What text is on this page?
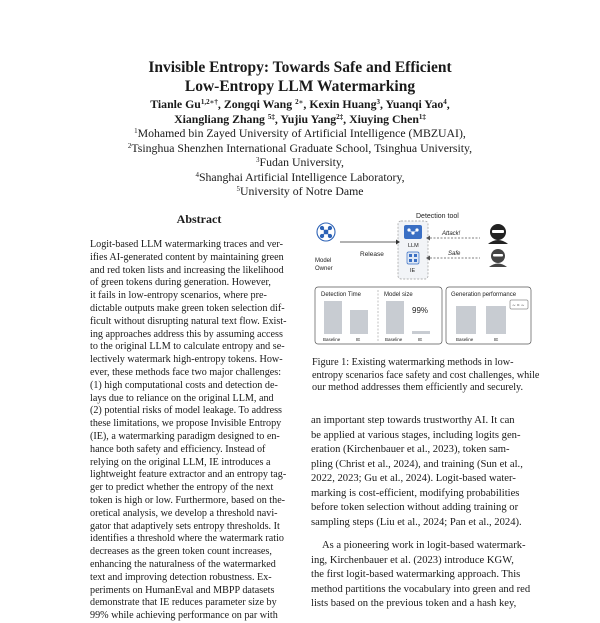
Invisible Entropy: Towards Safe and Efficient
Low-Entropy LLM Watermarking
Tianle $Gu^{1,2∗\dagger}$, Zongqi Wang $^{2∗}$, Kexin Huang$^3$, Yuanqi Yao$^4$,
Xiangliang Zhang $^{5\ddagger}$, Yujiu Yang$^{2\ddagger}$, Xiuying Chen$^{1\ddagger}$
$^1$Mohamed bin Zayed University of Artificial Intelligence (MBZUAI),
$^2$Tsinghua Shenzhen International Graduate School, Tsinghua University,
$^3$Fudan University,
$^4$Shanghai Artificial Intelligence Laboratory,
$^5$University of Notre Dame
Abstract
Logit-based LLM watermarking traces and ver-
ifies AI-generated content by maintaining green
and red token lists and increasing the likelihood
of green tokens during generation. However,
it fails in low-entropy scenarios, where pre-
dictable outputs make green token selection dif-
ficult without disrupting natural text flow. Exist-
ing approaches address this by assuming access
to the original LLM to calculate entropy and se-
lectively watermark high-entropy tokens. How-
ever, these methods face two major challenges:
(1) high computational costs and detection de-
lays due to reliance on the original LLM, and
(2) potential risks of model leakage. To address
these limitations, we propose Invisible Entropy
(IE), a watermarking paradigm designed to en-
hance both safety and efficiency. Instead of
relying on the original LLM, IE introduces a
lightweight feature extractor and an entropy tag-
ger to predict whether the entropy of the next
token is high or low. Furthermore, based on the-
oretical analysis, we develop a threshold navi-
gator that adaptively sets entropy thresholds. It
identifies a threshold where the watermark ratio
decreases as the green token count increases,
enhancing the naturalness of the watermarked
text and improving detection robustness. Ex-
periments on HumanEval and MBPP datasets
demonstrate that IE reduces parameter size by
99% while achieving performance on par with
Detection tool
LLM
IE
Model
Owner
Release
Attack!
Safe
Detection Time	Model size
99%
Baseline	IE	Baseline	IE
Generation performance
∼ ≈ ∼
Baseline	IE
Figure 1: Existing watermarking methods in low-
entropy scenarios face safety and cost challenges, while
our method addresses them efficiently and securely.
an important step towards trustworthy AI. It can
be applied at various stages, including logits gen-
eration (Kirchenbauer et al., 2023), token sam-
pling (Christ et al., 2024), and training (Sun et al.,
2022, 2023; Gu et al., 2024). Logit-based water-
marking is cost-efficient, modifying probabilities
before token selection without adding training or
sampling steps (Liu et al., 2024; Pan et al., 2024).
As a pioneering work in logit-based watermark-
ing, Kirchenbauer et al. (2023) introduce KGW,
the first logit-based watermarking approach. This
method partitions the vocabulary into green and red
lists based on the previous token and a hash key,
